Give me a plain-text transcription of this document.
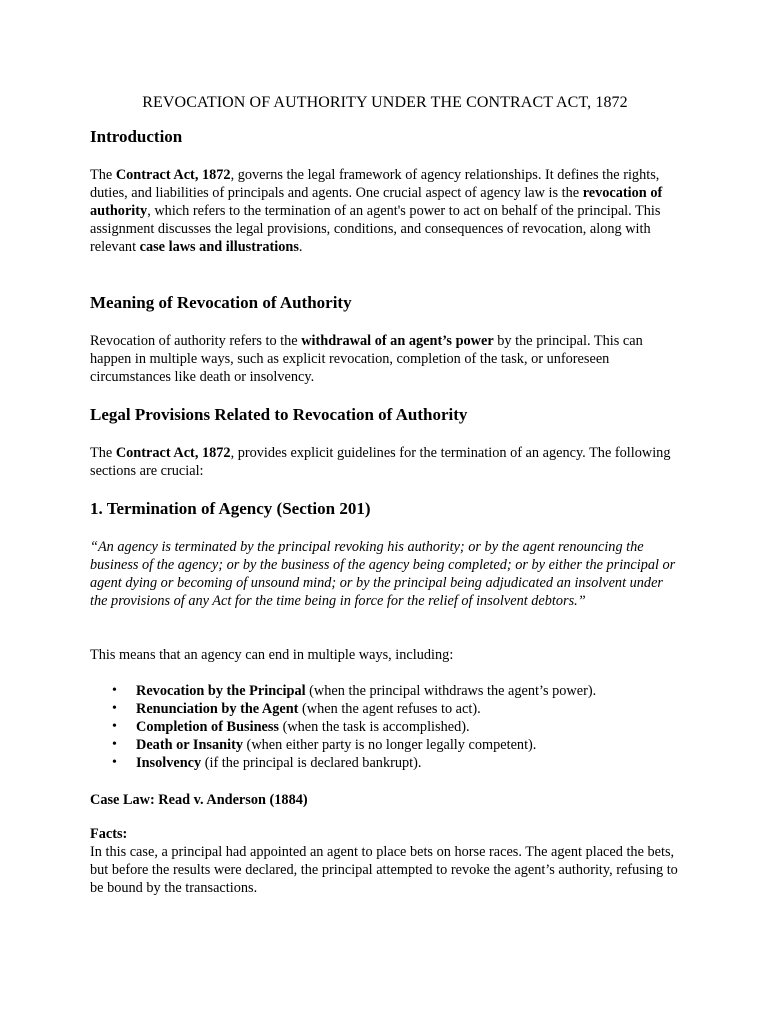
REVOCATION OF AUTHORITY UNDER THE CONTRACT ACT, 1872
Introduction

The Contract Act, 1872, governs the legal framework of agency relationships. It defines the rights, duties, and liabilities of principals and agents. One crucial aspect of agency law is the revocation of authority, which refers to the termination of an agent's power to act on behalf of the principal. This assignment discusses the legal provisions, conditions, and consequences of revocation, along with relevant case laws and illustrations.

Meaning of Revocation of Authority

Revocation of authority refers to the withdrawal of an agent’s power by the principal. This can happen in multiple ways, such as explicit revocation, completion of the task, or unforeseen circumstances like death or insolvency.

Legal Provisions Related to Revocation of Authority

The Contract Act, 1872, provides explicit guidelines for the termination of an agency. The following sections are crucial:

1. Termination of Agency (Section 201)

“An agency is terminated by the principal revoking his authority; or by the agent renouncing the business of the agency; or by the business of the agency being completed; or by either the principal or agent dying or becoming of unsound mind; or by the principal being adjudicated an insolvent under the provisions of any Act for the time being in force for the relief of insolvent debtors.”

This means that an agency can end in multiple ways, including:

• Revocation by the Principal (when the principal withdraws the agent’s power).
• Renunciation by the Agent (when the agent refuses to act).
• Completion of Business (when the task is accomplished).
• Death or Insanity (when either party is no longer legally competent).
• Insolvency (if the principal is declared bankrupt).
Case Law: Read v. Anderson (1884)
Facts:

In this case, a principal had appointed an agent to place bets on horse races. The agent placed the bets, but before the results were declared, the principal attempted to revoke the agent’s authority, refusing to be bound by the transactions.
